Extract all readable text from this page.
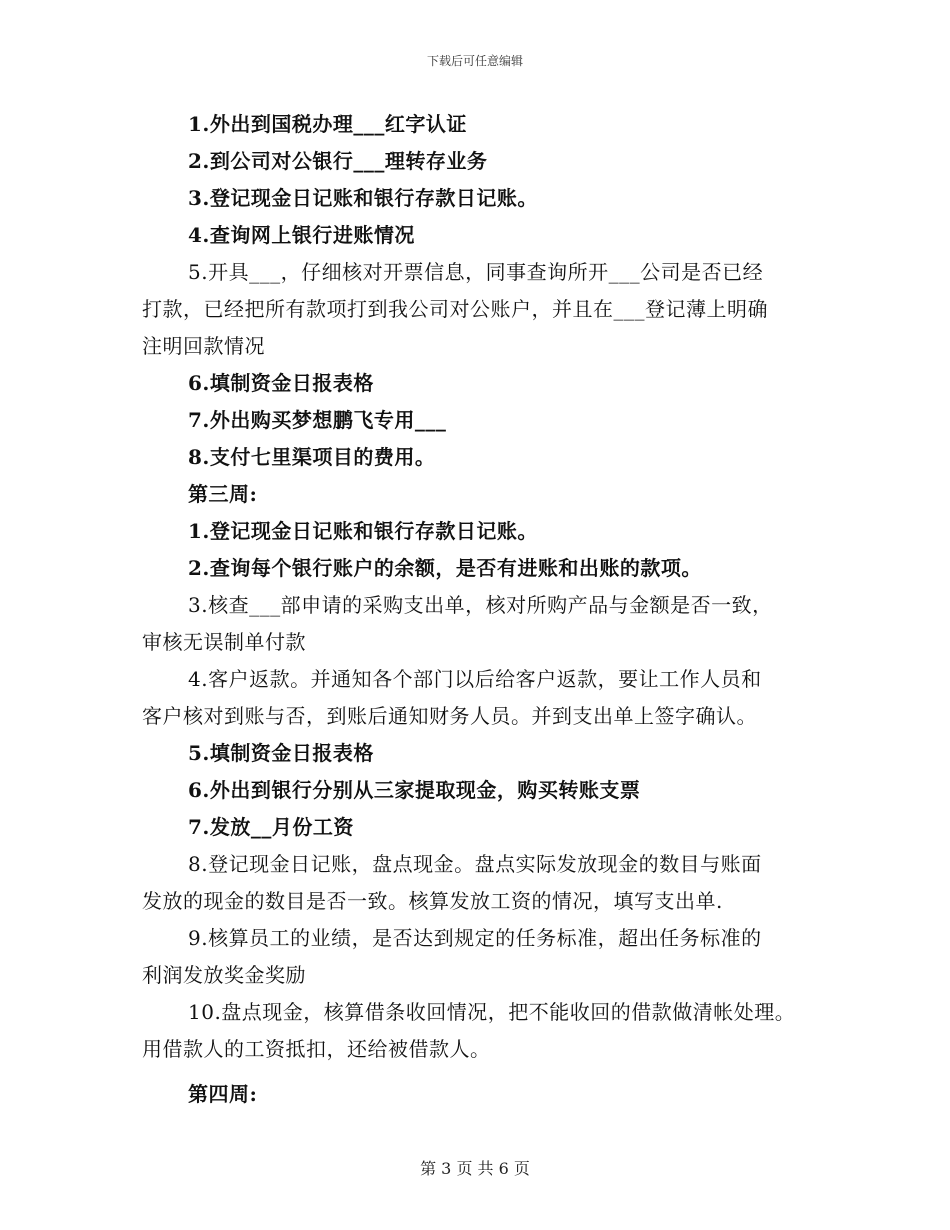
下载后可任意编辑
1.外出到国税办理___红字认证
2.到公司对公银行___理转存业务
3.登记现金日记账和银行存款日记账。
4.查询网上银行进账情况
5.开具___，仔细核对开票信息，同事查询所开___公司是否已经
打款，已经把所有款项打到我公司对公账户，并且在___登记薄上明确
注明回款情况
6.填制资金日报表格
7.外出购买梦想鹏飞专用___
8.支付七里渠项目的费用。
第三周:
1.登记现金日记账和银行存款日记账。
2.查询每个银行账户的余额，是否有进账和出账的款项。
3.核查___部申请的采购支出单，核对所购产品与金额是否一致，
审核无误制单付款
4.客户返款。并通知各个部门以后给客户返款，要让工作人员和
客户核对到账与否，到账后通知财务人员。并到支出单上签字确认。
5.填制资金日报表格
6.外出到银行分别从三家提取现金，购买转账支票
7.发放__月份工资
8.登记现金日记账，盘点现金。盘点实际发放现金的数目与账面
发放的现金的数目是否一致。核算发放工资的情况，填写支出单.
9.核算员工的业绩，是否达到规定的任务标准，超出任务标准的
利润发放奖金奖励
10.盘点现金，核算借条收回情况，把不能收回的借款做清帐处理。
用借款人的工资抵扣，还给被借款人。
第四周:
第 3 页 共 6 页
